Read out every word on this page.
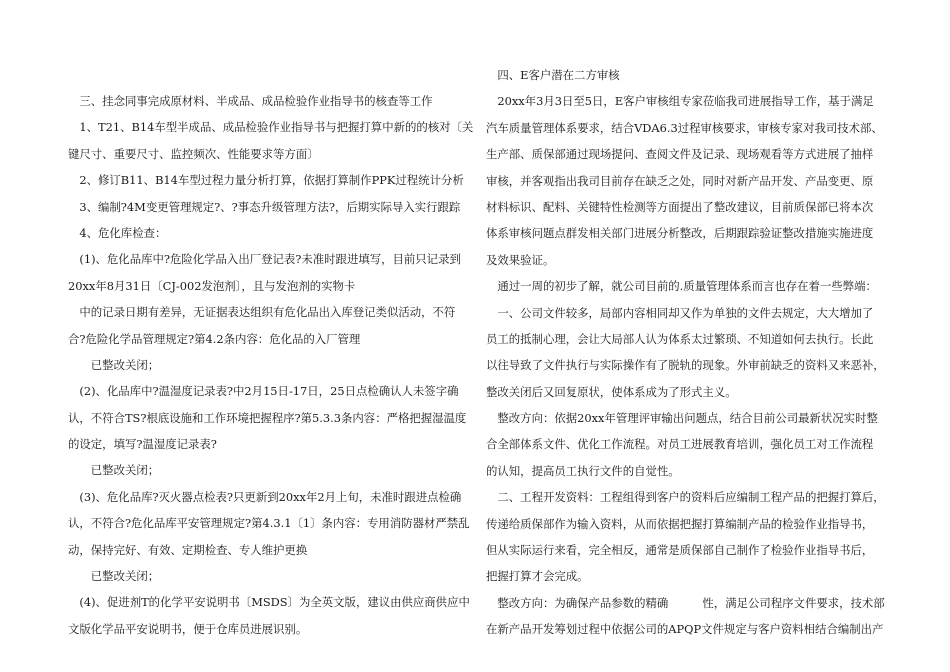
　三、挂念同事完成原材料、半成品、成品检验作业指导书的核查等工作
　1、T21、B14车型半成品、成品检验作业指导书与把握打算中新的的核对〔关
键尺寸、重要尺寸、监控频次、性能要求等方面〕
　2、修订B11、B14车型过程力量分析打算，依据打算制作PPK过程统计分析
　3、编制?4M变更管理规定?、?事态升级管理方法?，后期实际导入实行跟踪
　4、危化库检查：
　(1)、危化品库中?危险化学品入出厂登记表?未准时跟进填写，目前只记录到
20xx年8月31日〔CJ-002发泡剂〕，且与发泡剂的实物卡
　中的记录日期有差异，无证据表达组织有危化品出入库登记类似活动，不符
合?危险化学品管理规定?第4.2条内容：危化品的入厂管理
　　已整改关闭；
　(2)、化品库中?温湿度记录表?中2月15日-17日，25日点检确认人未签字确
认，不符合TS?根底设施和工作环境把握程序?第5.3.3条内容：严格把握湿温度
的设定，填写?温湿度记录表?
　　已整改关闭；
　(3)、危化品库?灭火器点检表?只更新到20xx年2月上旬，未准时跟进点检确
认，不符合?危化品库平安管理规定?第4.3.1〔1〕条内容：专用消防器材严禁乱
动，保持完好、有效、定期检查、专人维护更换
　　已整改关闭；
　(4)、促进剂T的化学平安说明书〔MSDS〕为全英文版，建议由供应商供应中
文版化学品平安说明书，便于仓库员进展识别。
　四、E客户潜在二方审核
　20xx年3月3日至5日，E客户审核组专家莅临我司进展指导工作，基于满足
汽车质量管理体系要求，结合VDA6.3过程审核要求，审核专家对我司技术部、
生产部、质保部通过现场提问、查阅文件及记录、现场观看等方式进展了抽样
审核，并客观指出我司目前存在缺乏之处，同时对新产品开发、产品变更、原
材料标识、配料、关键特性检测等方面提出了整改建议，目前质保部已将本次
体系审核问题点群发相关部门进展分析整改，后期跟踪验证整改措施实施进度
及效果验证。
　通过一周的初步了解，就公司目前的.质量管理体系而言也存在着一些弊端：
　一、公司文件较多，局部内容相同却又作为单独的文件去规定，大大增加了
员工的抵制心理，会让大局部人认为体系太过繁琐、不知道如何去执行。长此
以往导致了文件执行与实际操作有了脱轨的现象。外审前缺乏的资料又来恶补，
整改关闭后又回复原状，使体系成为了形式主义。
　整改方向：依据20xx年管理评审输出问题点，结合目前公司最新状况实时整
合全部体系文件、优化工作流程。对员工进展教育培训，强化员工对工作流程
的认知，提高员工执行文件的自觉性。
　二、工程开发资料：工程组得到客户的资料后应编制工程产品的把握打算后，
传递给质保部作为输入资料，从而依据把握打算编制产品的检验作业指导书，
但从实际运行来看，完全相反，通常是质保部自己制作了检验作业指导书后，
把握打算才会完成。
　整改方向：为确保产品参数的精确　　　性，满足公司程序文件要求，技术部
在新产品开发筹划过程中依据公司的APQP文件规定与客户资料相结合编制出产
